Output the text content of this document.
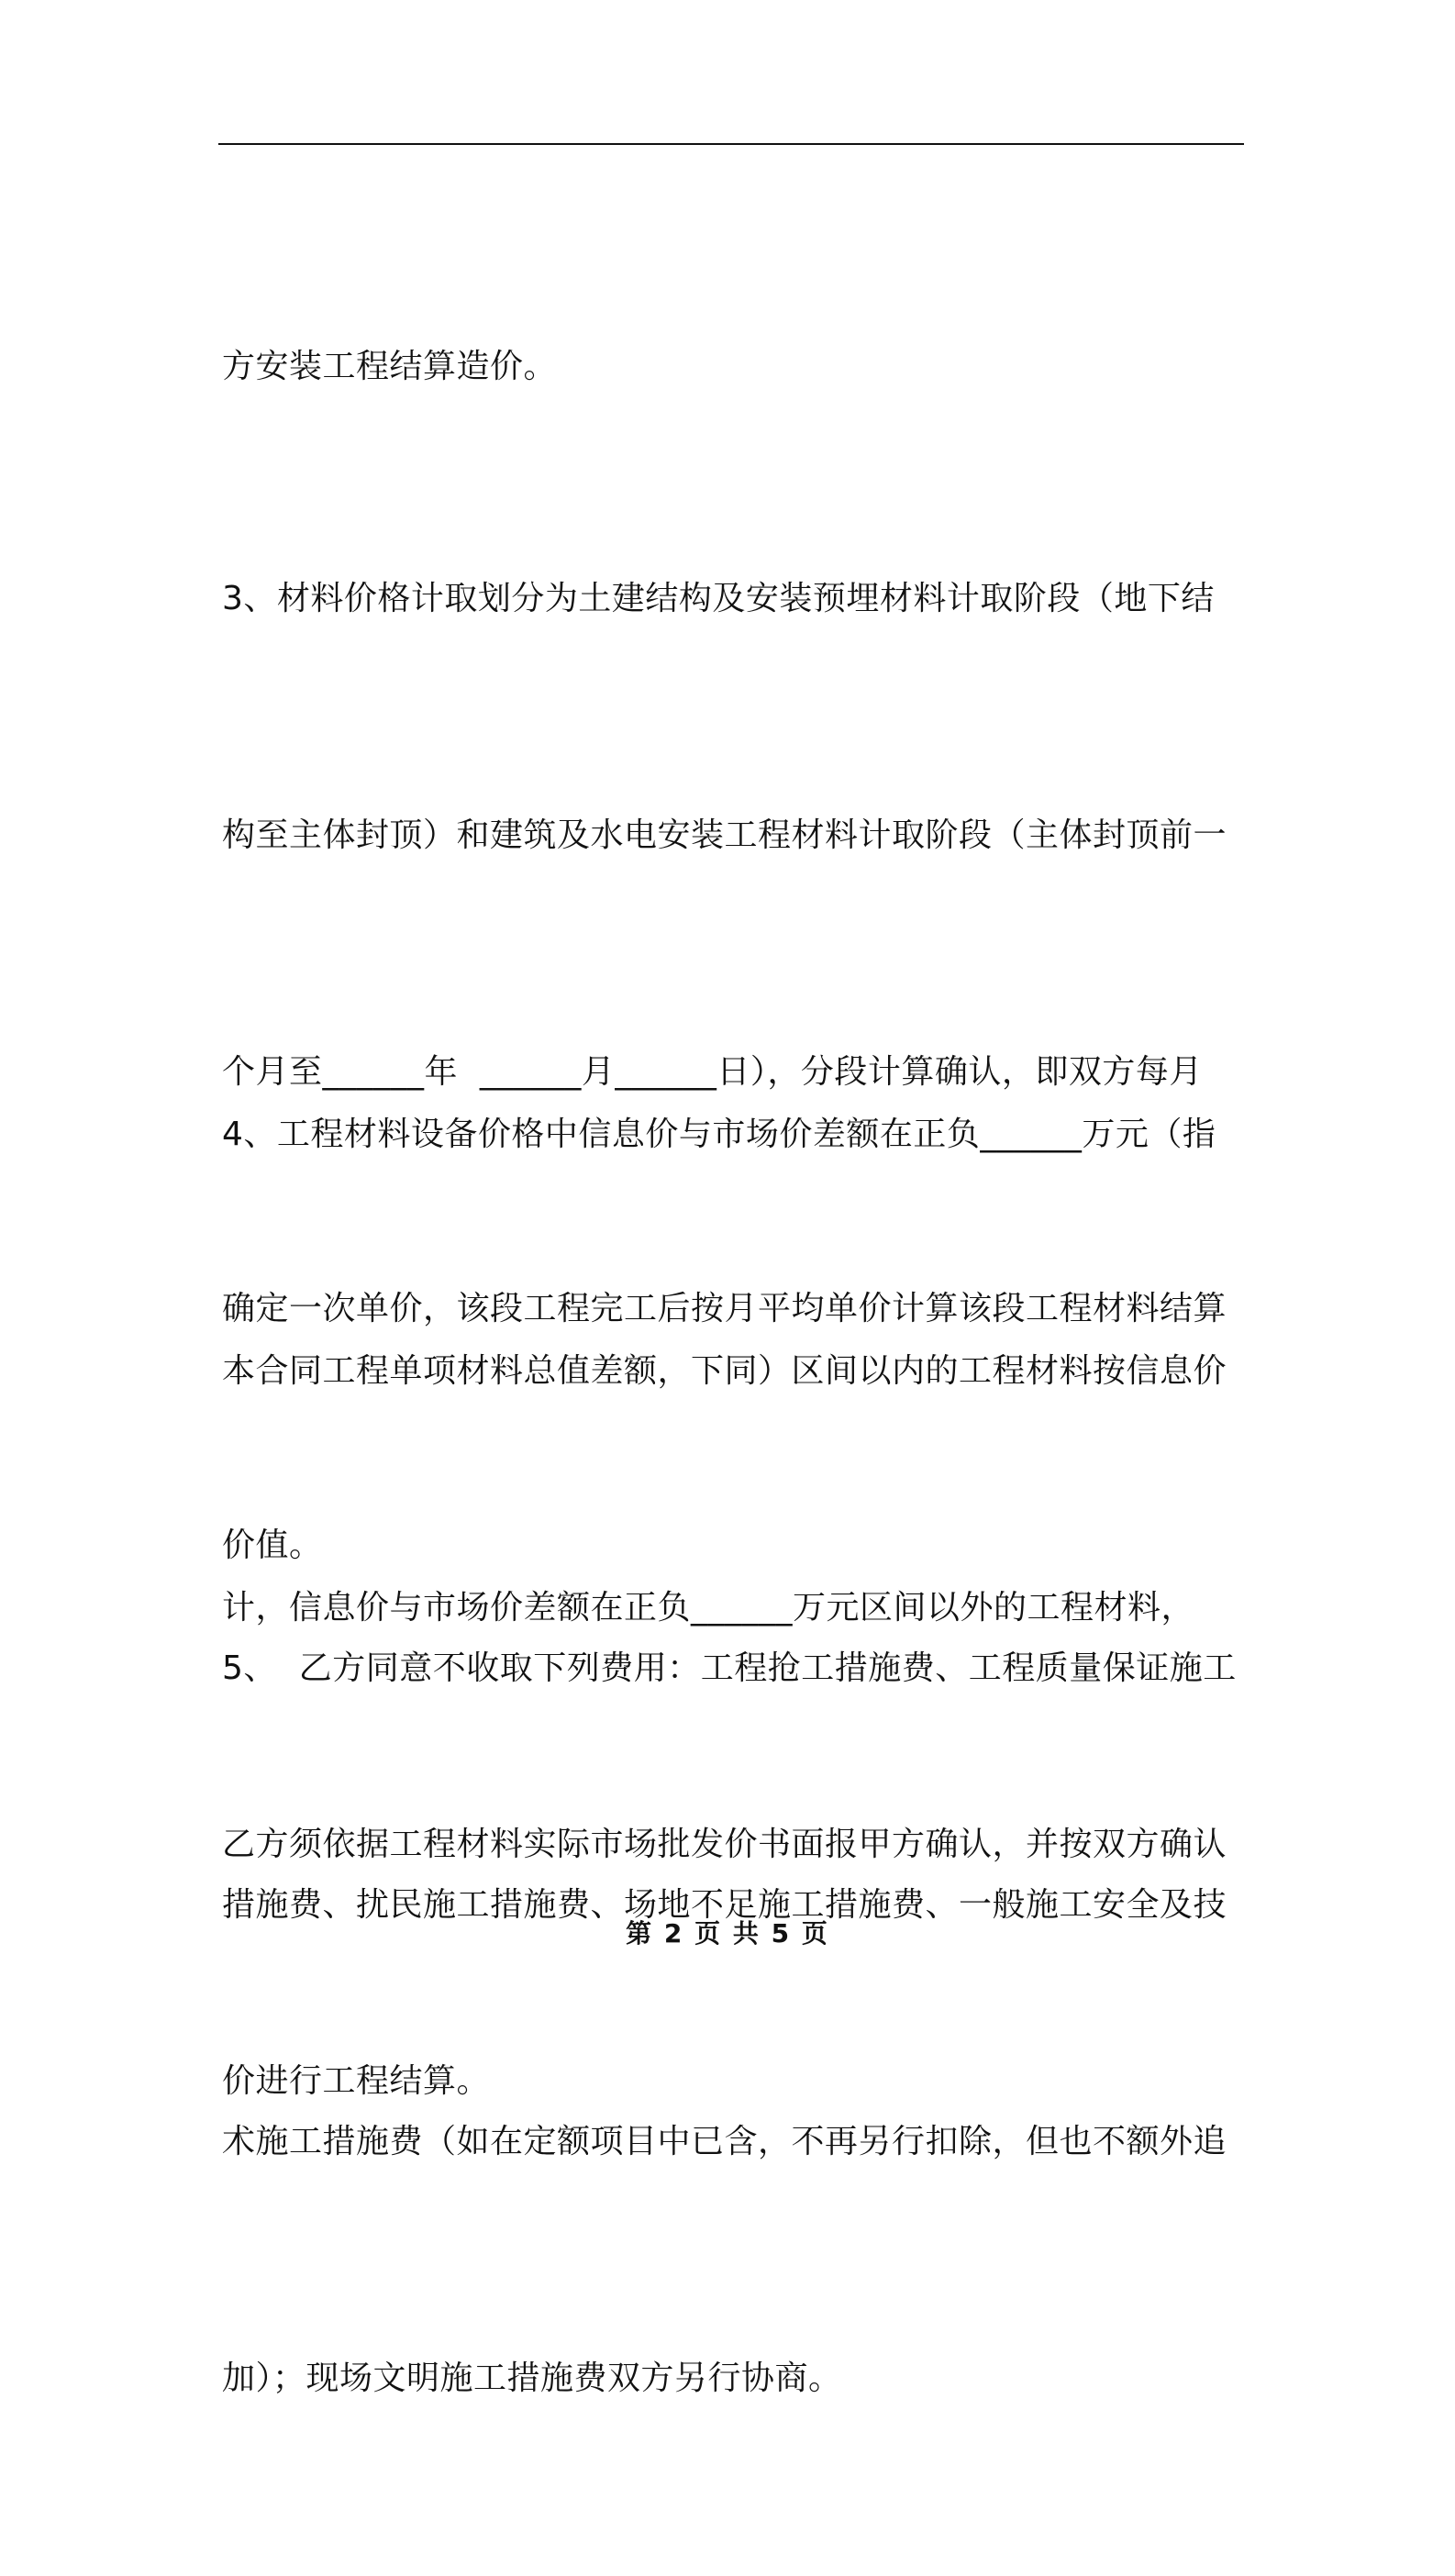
方安装工程结算造价。

3、材料价格计取划分为土建结构及安装预埋材料计取阶段（地下结

构至主体封顶）和建筑及水电安装工程材料计取阶段（主体封顶前一

个月至______年  ______月______日），分段计算确认，即双方每月

确定一次单价，该段工程完工后按月平均单价计算该段工程材料结算

价值。

4、工程材料设备价格中信息价与市场价差额在正负______万元（指

本合同工程单项材料总值差额，下同）区间以内的工程材料按信息价

计，信息价与市场价差额在正负______万元区间以外的工程材料，

乙方须依据工程材料实际市场批发价书面报甲方确认，并按双方确认

价进行工程结算。

5、  乙方同意不收取下列费用：工程抢工措施费、工程质量保证施工

措施费、扰民施工措施费、场地不足施工措施费、一般施工安全及技

术施工措施费（如在定额项目中已含，不再另行扣除，但也不额外追

加）；现场文明施工措施费双方另行协商。

第 2 页 共 5 页
